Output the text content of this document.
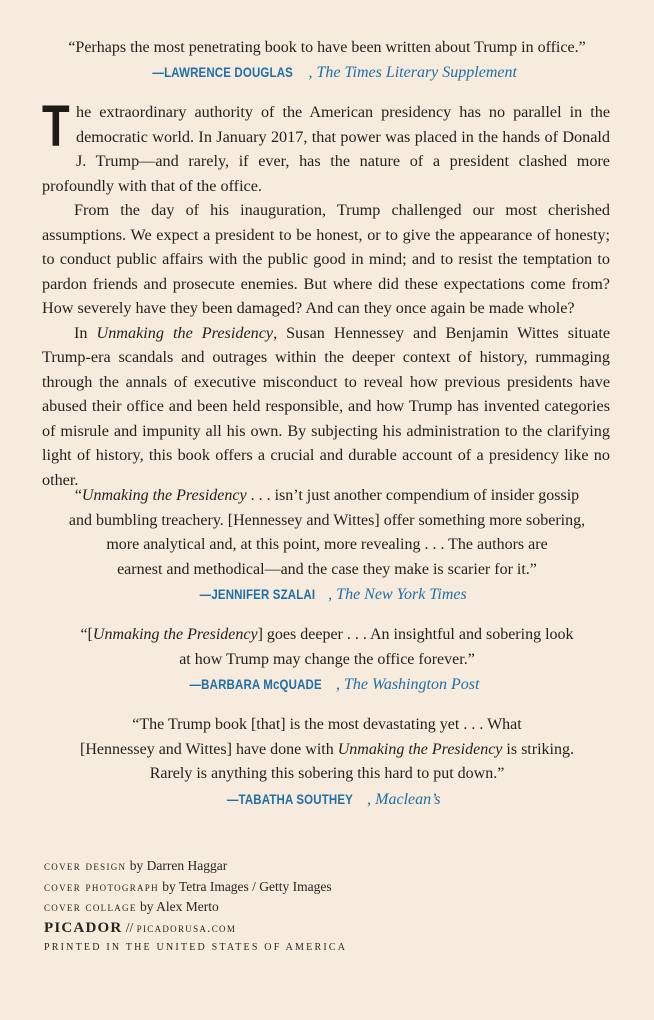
“Perhaps the most penetrating book to have been written about Trump in office.”
—LAWRENCE DOUGLAS , The Times Literary Supplement

The extraordinary authority of the American presidency has no parallel in the democratic world. In January 2017, that power was placed in the hands of Donald J. Trump—and rarely, if ever, has the nature of a president clashed more profoundly with that of the office.

From the day of his inauguration, Trump challenged our most cherished assumptions. We expect a president to be honest, or to give the appearance of honesty; to conduct public affairs with the public good in mind; and to resist the temptation to pardon friends and prosecute enemies. But where did these expectations come from? How severely have they been damaged? And can they once again be made whole?

In Unmaking the Presidency, Susan Hennessey and Benjamin Wittes situate Trump-era scandals and outrages within the deeper context of history, rummaging through the annals of executive misconduct to reveal how previous presidents have abused their office and been held responsible, and how Trump has invented categories of misrule and impunity all his own. By subjecting his administration to the clarifying light of history, this book offers a crucial and durable account of a presidency like no other.

“Unmaking the Presidency . . . isn’t just another compendium of insider gossip
and bumbling treachery. [Hennessey and Wittes] offer something more sobering,
more analytical and, at this point, more revealing . . . The authors are
earnest and methodical—and the case they make is scarier for it.”
—JENNIFER SZALAI , The New York Times
“[Unmaking the Presidency] goes deeper . . . An insightful and sobering look
at how Trump may change the office forever.”
—BARBARA McQUADE , The Washington Post
“The Trump book [that] is the most devastating yet . . . What
[Hennessey and Wittes] have done with Unmaking the Presidency is striking.
Rarely is anything this sobering this hard to put down.”
—TABATHA SOUTHEY , Maclean’s
cover design by Darren Haggar
cover photograph by Tetra Images / Getty Images
cover collage by Alex Merto
PICADOR // picadorusa.com
PRINTED IN THE UNITED STATES OF AMERICA
